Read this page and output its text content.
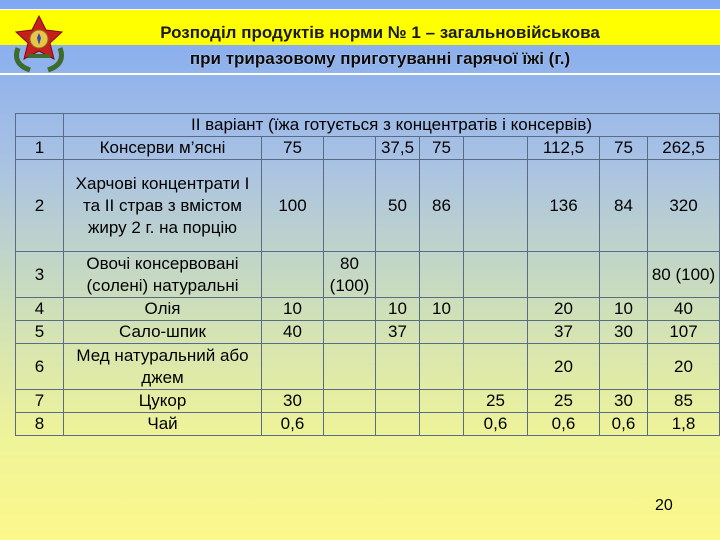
Розподіл продуктів норми № 1 – загальновійськова
при триразовому приготуванні гарячої їжі (г.)
	II варіант (їжа готується з концентратів і консервів)								
1	Консерви м’ясні	75		37,5	75		112,5	75	262,5
2	Харчові концентрати І та ІІ страв з вмістом жиру 2 г. на порцію	100		50	86		136	84	320
3	Овочі консервовані (солені) натуральні		80 (100)						80 (100)
4	Олія	10		10	10		20	10	40
5	Сало-шпик	40		37			37	30	107
6	Мед натуральний або джем						20		20
7	Цукор	30				25	25	30	85
8	Чай	0,6				0,6	0,6	0,6	1,8
20
